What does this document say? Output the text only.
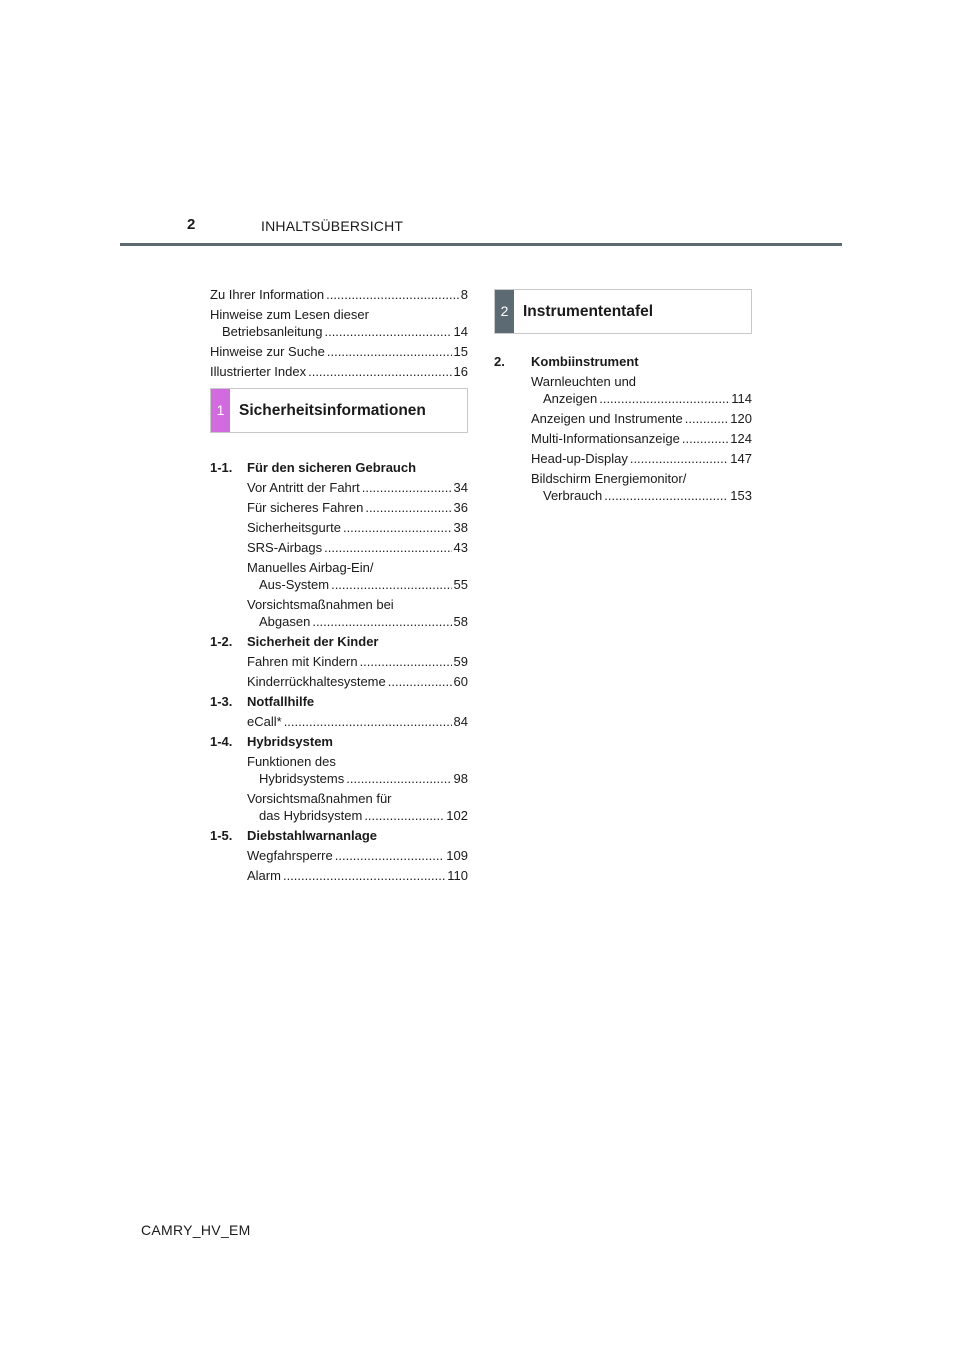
2	INHALTSÜBERSICHT
Zu Ihrer Information .....	8
Hinweise zum Lesen dieser
Betriebsanleitung .....	14
Hinweise zur Suche .....	15
Illustrierter Index .....	16
1 Sicherheitsinformationen
1-1.	Für den sicheren Gebrauch
Vor Antritt der Fahrt .....	34
Für sicheres Fahren .....	36
Sicherheitsgurte .....	38
SRS-Airbags .....	43
Manuelles Airbag-Ein/
Aus-System .....	55
Vorsichtsmaßnahmen bei
Abgasen .....	58
1-2.	Sicherheit der Kinder
Fahren mit Kindern .....	59
Kinderrückhaltesysteme .....	60
1-3.	Notfallhilfe
eCall* .....	84
1-4.	Hybridsystem
Funktionen des
Hybridsystems .....	98
Vorsichtsmaßnahmen für
das Hybridsystem .....	102
1-5.	Diebstahlwarnanlage
Wegfahrsperre .....	109
Alarm .....	110
2 Instrumententafel
2.	Kombiinstrument
Warnleuchten und
Anzeigen .....	114
Anzeigen und Instrumente .....	120
Multi-Informationsanzeige .....	124
Head-up-Display .....	147
Bildschirm Energiemonitor/
Verbrauch .....	153
CAMRY_HV_EM
